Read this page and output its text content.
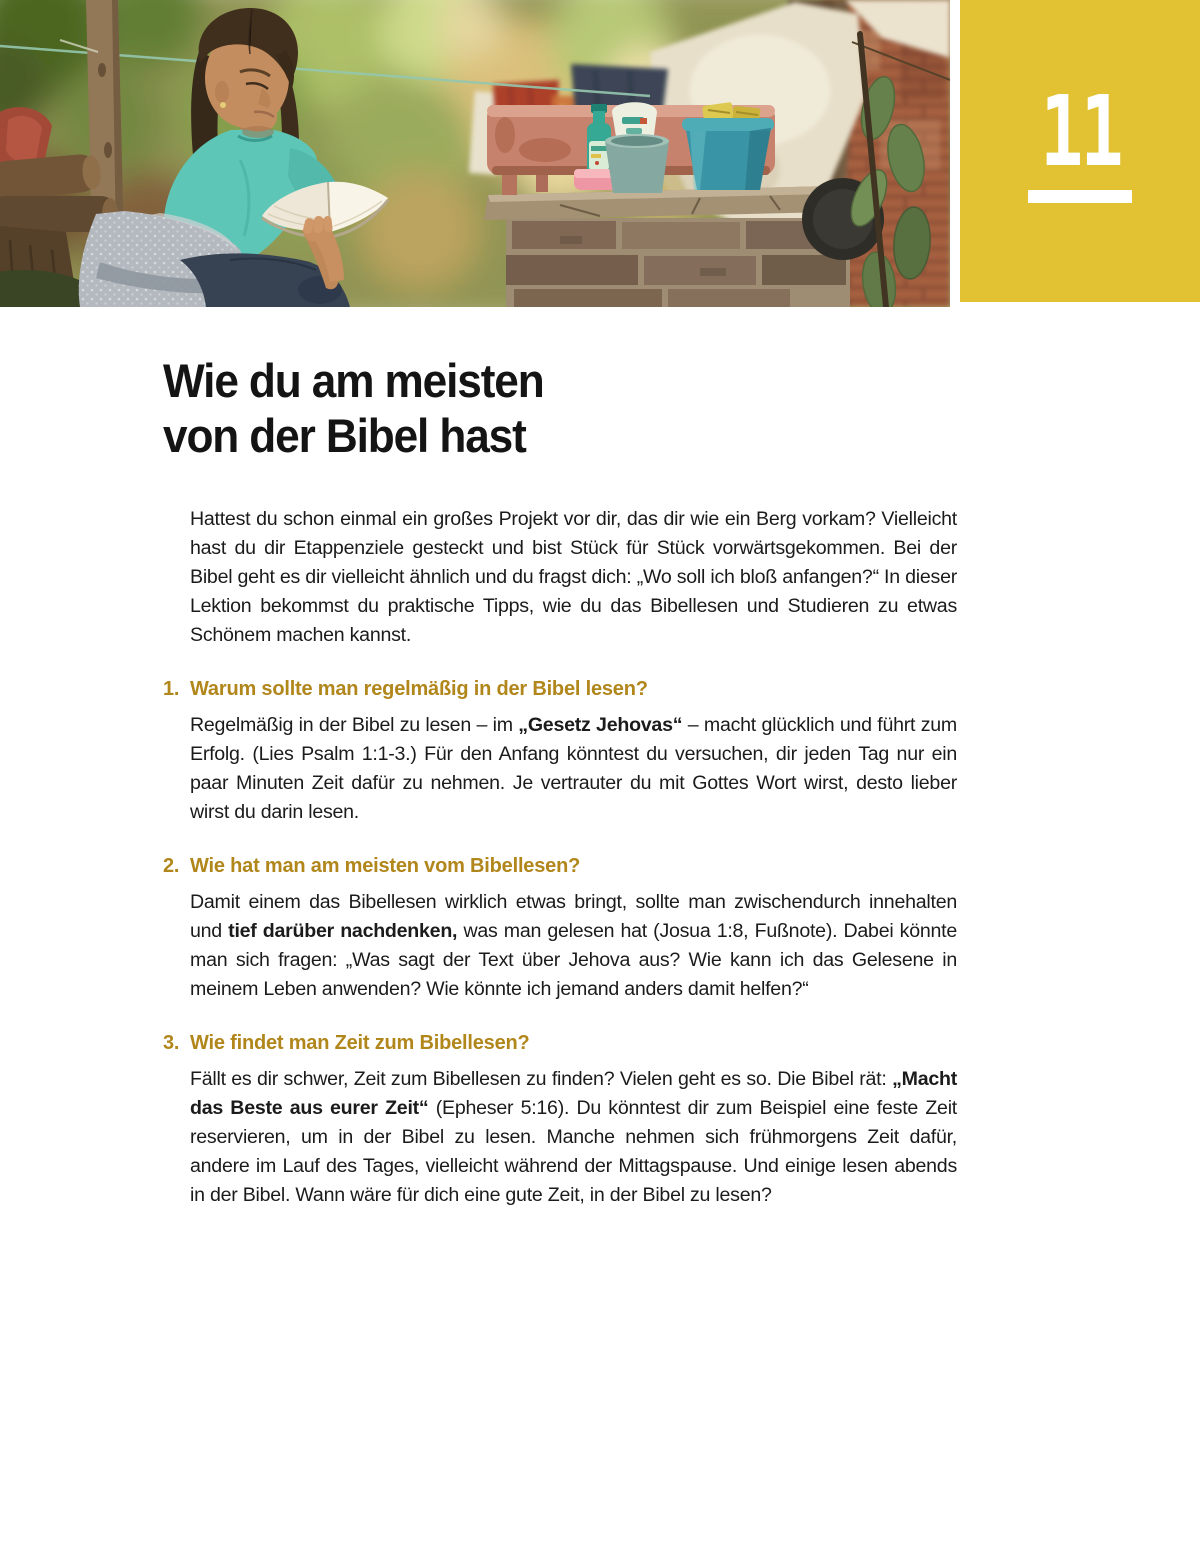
11
Wie du am meisten
von der Bibel hast

Hattest du schon einmal ein großes Projekt vor dir, das dir wie ein Berg vorkam? Vielleicht hast du dir Etappenziele gesteckt und bist Stück für Stück vorwärtsgekommen. Bei der Bibel geht es dir vielleicht ähnlich und du fragst dich: „Wo soll ich bloß anfangen?“ In dieser Lektion bekommst du praktische Tipps, wie du das Bibellesen und Studieren zu etwas Schönem machen kannst.

1. Warum sollte man regelmäßig in der Bibel lesen?

Regelmäßig in der Bibel zu lesen – im „Gesetz Jehovas“ – macht glücklich und führt zum Erfolg. (Lies Psalm 1:1-3.) Für den Anfang könntest du versuchen, dir jeden Tag nur ein paar Minuten Zeit dafür zu nehmen. Je vertrauter du mit Gottes Wort wirst, desto lieber wirst du darin lesen.

2. Wie hat man am meisten vom Bibellesen?

Damit einem das Bibellesen wirklich etwas bringt, sollte man zwischendurch innehalten und tief darüber nachdenken, was man gelesen hat (Josua 1:8, Fußnote). Dabei könnte man sich fragen: „Was sagt der Text über Jehova aus? Wie kann ich das Gelesene in meinem Leben anwenden? Wie könnte ich jemand anders damit helfen?“

3. Wie findet man Zeit zum Bibellesen?

Fällt es dir schwer, Zeit zum Bibellesen zu finden? Vielen geht es so. Die Bibel rät: „Macht das Beste aus eurer Zeit“ (Epheser 5:16). Du könntest dir zum Beispiel eine feste Zeit reservieren, um in der Bibel zu lesen. Manche nehmen sich frühmorgens Zeit dafür, andere im Lauf des Tages, vielleicht während der Mittagspause. Und einige lesen abends in der Bibel. Wann wäre für dich eine gute Zeit, in der Bibel zu lesen?
